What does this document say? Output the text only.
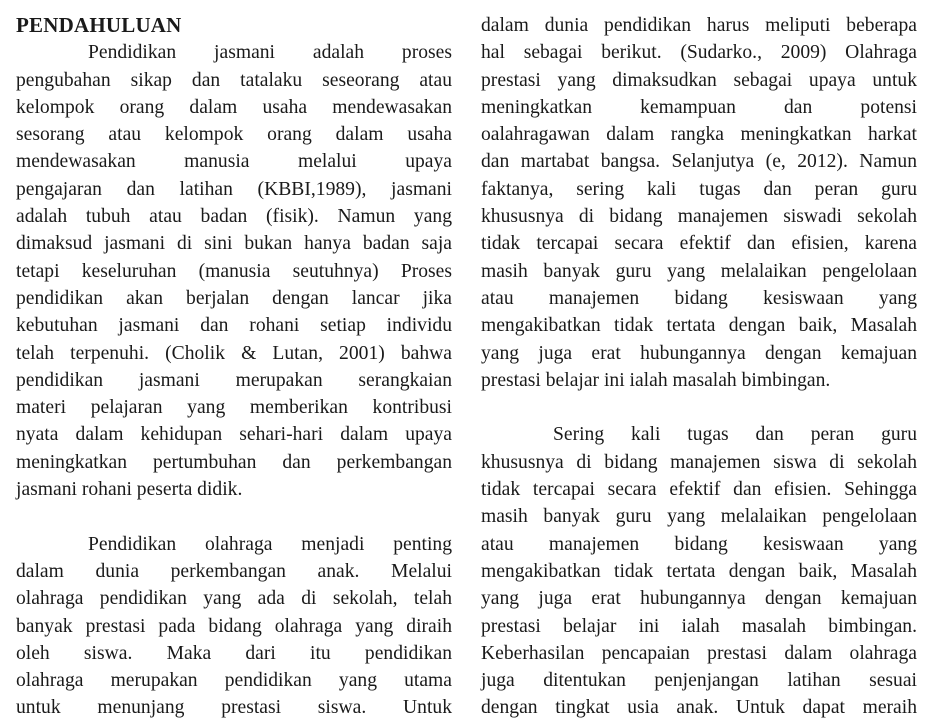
PENDAHULUAN
Pendidikan jasmani adalah proses
pengubahan sikap dan tatalaku seseorang atau
kelompok orang dalam usaha mendewasakan
sesorang atau kelompok orang dalam usaha
mendewasakan manusia melalui upaya
pengajaran dan latihan (KBBI,1989), jasmani
adalah tubuh atau badan (fisik). Namun yang
dimaksud jasmani di sini bukan hanya badan saja
tetapi keseluruhan (manusia seutuhnya) Proses
pendidikan akan berjalan dengan lancar jika
kebutuhan jasmani dan rohani setiap individu
telah terpenuhi. (Cholik & Lutan, 2001) bahwa
pendidikan jasmani merupakan serangkaian
materi pelajaran yang memberikan kontribusi
nyata dalam kehidupan sehari-hari dalam upaya
meningkatkan pertumbuhan dan perkembangan
jasmani rohani peserta didik.
Pendidikan olahraga menjadi penting
dalam dunia perkembangan anak. Melalui
olahraga pendidikan yang ada di sekolah, telah
banyak prestasi pada bidang olahraga yang diraih
oleh siswa. Maka dari itu pendidikan
olahraga merupakan pendidikan yang utama
untuk menunjang prestasi siswa. Untuk
dalam dunia pendidikan harus meliputi beberapa
hal sebagai berikut. (Sudarko., 2009) Olahraga
prestasi yang dimaksudkan sebagai upaya untuk
meningkatkan kemampuan dan potensi
oalahragawan dalam rangka meningkatkan harkat
dan martabat bangsa. Selanjutya (e, 2012). Namun
faktanya, sering kali tugas dan peran guru
khususnya di bidang manajemen siswadi sekolah
tidak tercapai secara efektif dan efisien, karena
masih banyak guru yang melalaikan pengelolaan
atau manajemen bidang kesiswaan yang
mengakibatkan tidak tertata dengan baik, Masalah
yang juga erat hubungannya dengan kemajuan
prestasi belajar ini ialah masalah bimbingan.
Sering kali tugas dan peran guru
khususnya di bidang manajemen siswa di sekolah
tidak tercapai secara efektif dan efisien. Sehingga
masih banyak guru yang melalaikan pengelolaan
atau manajemen bidang kesiswaan yang
mengakibatkan tidak tertata dengan baik, Masalah
yang juga erat hubungannya dengan kemajuan
prestasi belajar ini ialah masalah bimbingan.
Keberhasilan pencapaian prestasi dalam olahraga
juga ditentukan penjenjangan latihan sesuai
dengan tingkat usia anak. Untuk dapat meraih
